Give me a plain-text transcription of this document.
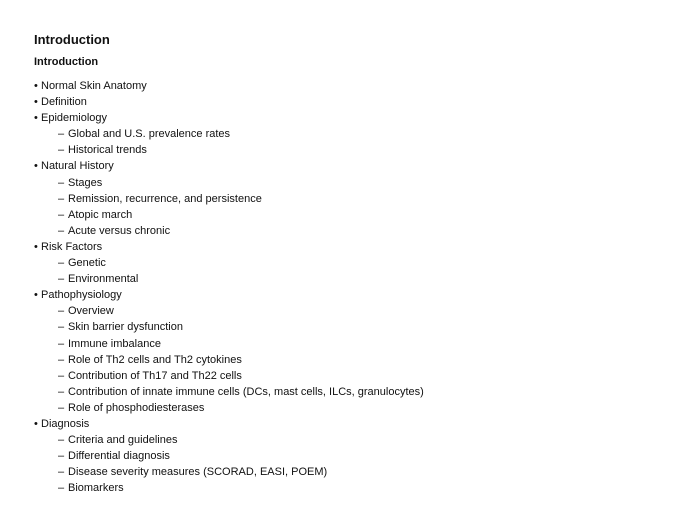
Introduction
Introduction
• Normal Skin Anatomy
• Definition
• Epidemiology
– Global and U.S. prevalence rates
– Historical trends
• Natural History
– Stages
– Remission, recurrence, and persistence
– Atopic march
– Acute versus chronic
• Risk Factors
– Genetic
– Environmental
• Pathophysiology
– Overview
– Skin barrier dysfunction
– Immune imbalance
– Role of Th2 cells and Th2 cytokines
– Contribution of Th17 and Th22 cells
– Contribution of innate immune cells (DCs, mast cells, ILCs, granulocytes)
– Role of phosphodiesterases
• Diagnosis
– Criteria and guidelines
– Differential diagnosis
– Disease severity measures (SCORAD, EASI, POEM)
– Biomarkers
